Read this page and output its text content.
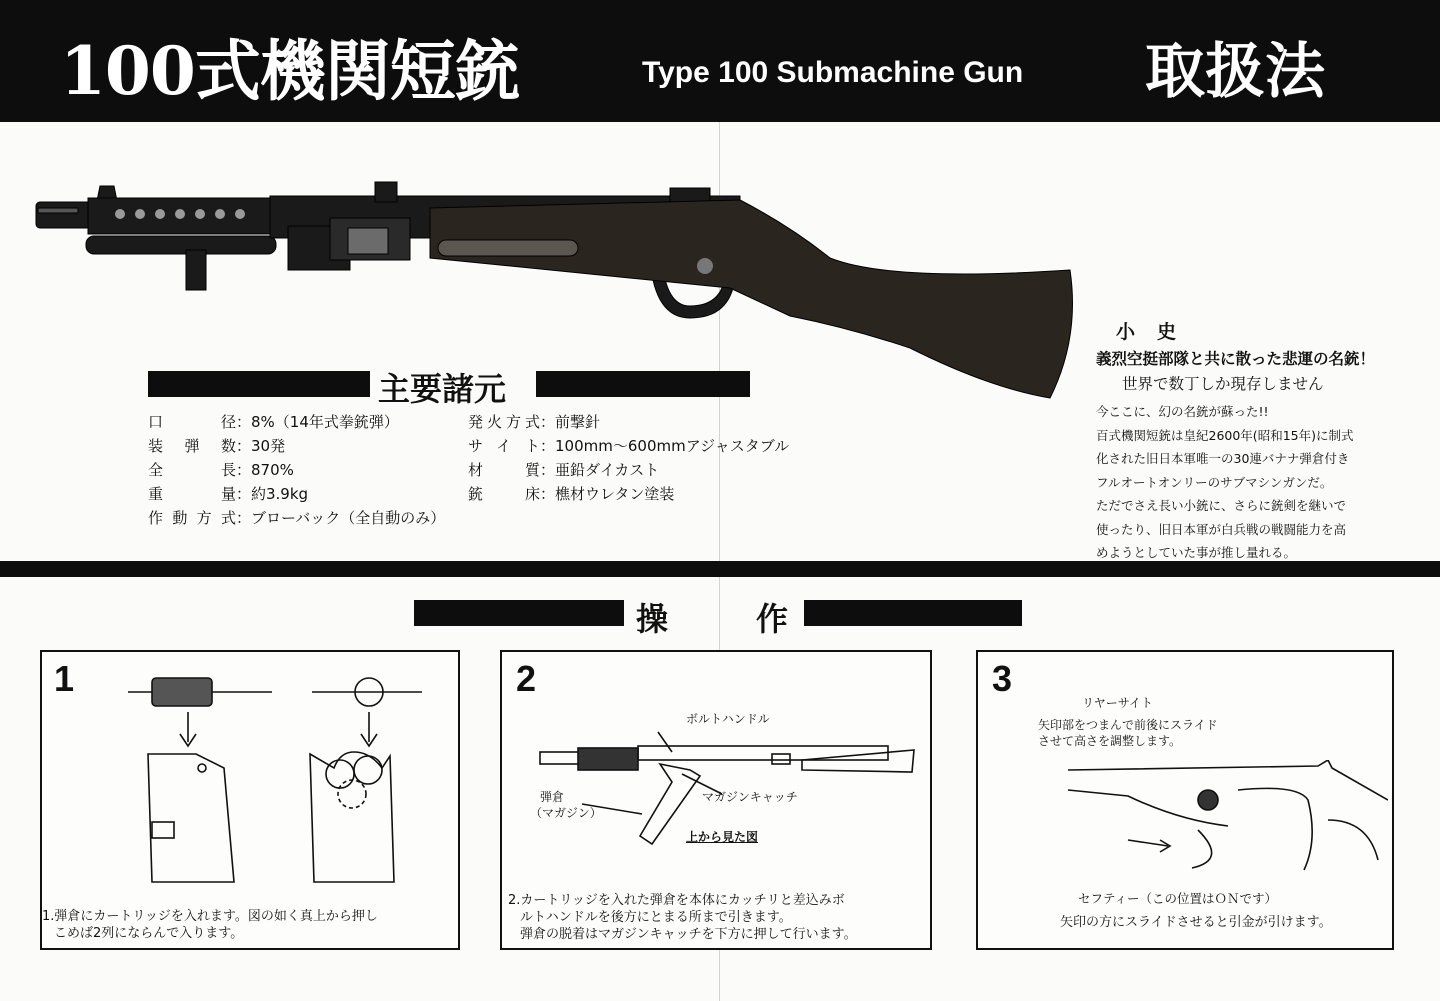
100式機関短銃	Type 100 Submachine Gun 取扱法
主要諸元
口　径：8%（14年式拳銃弾）
装弾数：30発
全　長：870%
重　量：約3.9kg
作動方式：ブローバック（全自動のみ）
発火方式：前撃針
サイト：100mm～600mmアジャスタブル
材　質：亜鉛ダイカスト
銃　床：樵材ウレタン塗装
小史
義烈空挺部隊と共に散った悲運の名銃！
世界で数丁しか現存しません
今ここに、幻の名銃が蘇った!!
百式機関短銃は皇紀2600年(昭和15年)に制式
化された旧日本軍唯一の30連バナナ弾倉付き
フルオートオンリーのサブマシンガンだ。
ただでさえ長い小銃に、さらに銃剣を継いで
使ったり、旧日本軍が白兵戦の戦闘能力を高
めようとしていた事が推し量れる。
操	作
1
1.弾倉にカートリッジを入れます。図の如く真上から押し
こめば2列にならんで入ります。
2
ボルトハンドル
弾倉
（マガジン）
マガジンキャッチ
上から見た図
2.カートリッジを入れた弾倉を本体にカッチリと差込みボ
ルトハンドルを後方にとまる所まで引きます。
弾倉の脱着はマガジンキャッチを下方に押して行います。
3
リヤーサイト
矢印部をつまんで前後にスライド
させて高さを調整します。
セフティー（この位置はＯＮです）
矢印の方にスライドさせると引金が引けます。
